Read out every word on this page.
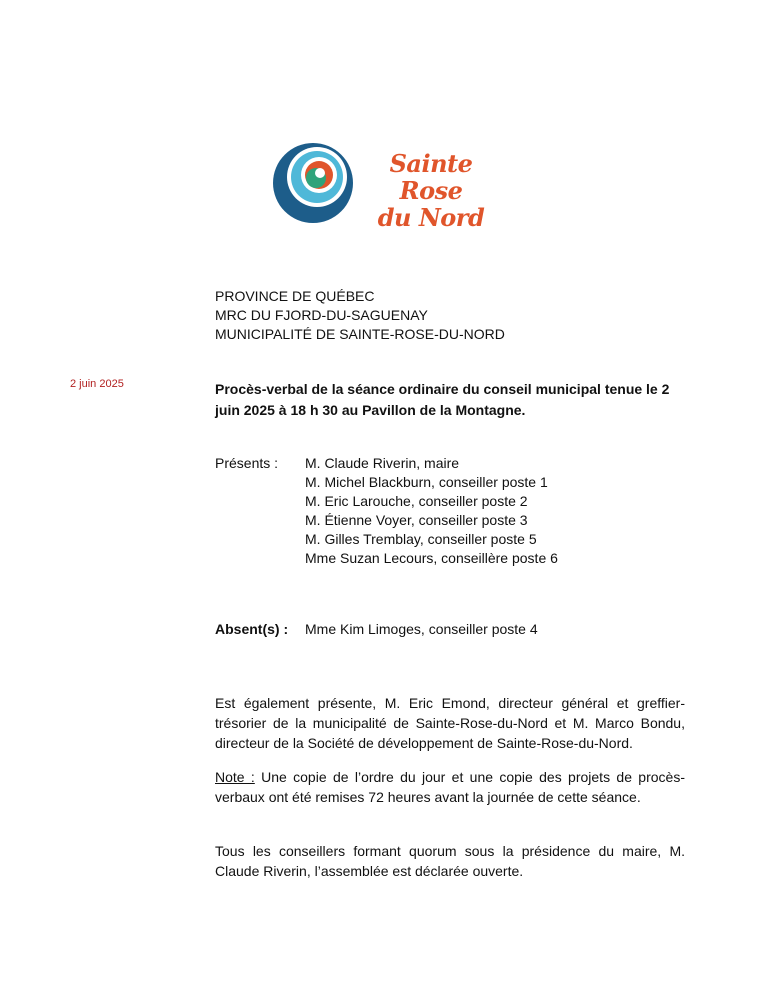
Sainte Rose
du Nord
PROVINCE DE QUÉBEC
MRC DU FJORD-DU-SAGUENAY
MUNICIPALITÉ DE SAINTE-ROSE-DU-NORD
2 juin 2025	Procès-verbal de la séance ordinaire du conseil municipal tenue le 2 juin 2025 à 18 h 30 au Pavillon de la Montagne.
Présents : M. Claude Riverin, maire
M. Michel Blackburn, conseiller poste 1
M. Eric Larouche, conseiller poste 2
M. Étienne Voyer, conseiller poste 3
M. Gilles Tremblay, conseiller poste 5
Mme Suzan Lecours, conseillère poste 6
Absent(s) : Mme Kim Limoges, conseiller poste 4
Est également présente, M. Eric Emond, directeur général et greffier-trésorier de la municipalité de Sainte-Rose-du-Nord et M. Marco Bondu, directeur de la Société de développement de Sainte-Rose-du-Nord.
Note : Une copie de l’ordre du jour et une copie des projets de procès-verbaux ont été remises 72 heures avant la journée de cette séance.
Tous les conseillers formant quorum sous la présidence du maire, M. Claude Riverin, l’assemblée est déclarée ouverte.
